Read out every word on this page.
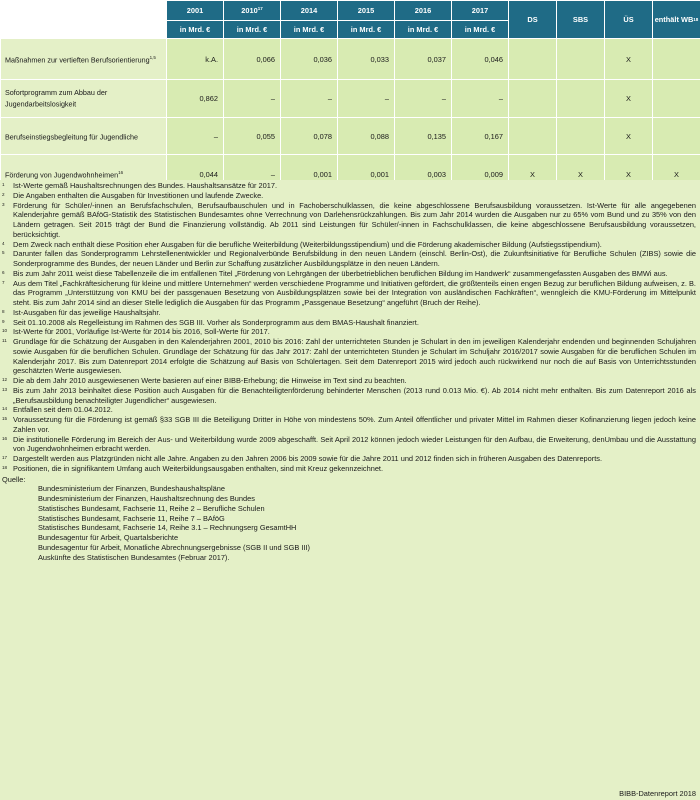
	2001	2010$^{17}$	2014	2015	2016	2017	DS	SBS	ÜS	enthält WB$^{18}$
	in Mrd. €	in Mrd. €	in Mrd. €	in Mrd. €	in Mrd. €	in Mrd. €				
Maßnahmen zur vertieften Berufsorientierung$^{1,5}$	k.A.	0,066	0,036	0,033	0,037	0,046			X	
Sofortprogramm zum Abbau der Jugendarbeitslosigkeit	0,862	–	–	–	–	–			X	
Berufseinstiegsbegleitung für Jugendliche	–	0,055	0,078	0,088	0,135	0,167			X	
Förderung von Jugendwohnheimen$^{16}$	0,044	–	0,001	0,001	0,003	0,009	X	X	X	X
1	Ist-Werte gemäß Haushaltsrechnungen des Bundes. Haushaltsansätze für 2017.
2	Die Angaben enthalten die Ausgaben für Investitionen und laufende Zwecke.
3	Förderung für Schüler/-innen an Berufsfachschulen, Berufsaufbauschulen und in Fachoberschulklassen, die keine abgeschlossene Berufsausbildung voraussetzen. Ist-Werte für alle angegebenen Kalenderjahre gemäß BAföG-Statistik des Statistischen Bundesamtes ohne Verrechnung von Darlehensrückzahlungen. Bis zum Jahr 2014 wurden die Ausgaben nur zu 65% vom Bund und zu 35% von den Ländern getragen. Seit 2015 trägt der Bund die Finanzierung vollständig. Ab 2011 sind Leistungen für Schüler/-innen in Fachschulklassen, die keine abgeschlossene Berufsausbildung voraussetzen, berücksichtigt.
4	Dem Zweck nach enthält diese Position eher Ausgaben für die berufliche Weiterbildung (Weiterbildungsstipendium) und die Förderung akademischer Bildung (Aufstiegsstipendium).
5	Darunter fallen das Sonderprogramm Lehrstellenentwickler und Regionalverbünde Berufsbildung in den neuen Ländern (einschl. Berlin-Ost), die Zukunftsinitiative für Berufliche Schulen (ZIBS) sowie die Sonderprogramme des Bundes, der neuen Länder und Berlin zur Schaffung zusätzlicher Ausbildungsplätze in den neuen Ländern.
6	Bis zum Jahr 2011 weist diese Tabellenzeile die im entfallenen Titel „Förderung von Lehrgängen der überbetrieblichen beruflichen Bildung im Handwerk“ zusammengefassten Ausgaben des BMWi aus.
7	Aus dem Titel „Fachkräftesicherung für kleine und mittlere Unternehmen“ werden verschiedene Programme und Initiativen gefördert, die größtenteils einen engen Bezug zur beruflichen Bildung aufweisen, z. B. das Programm „Unterstützung von KMU bei der passgenauen Besetzung von Ausbildungsplätzen sowie bei der Integration von ausländischen Fachkräften“, wenngleich die KMU-Förderung im Mittelpunkt steht. Bis zum Jahr 2014 sind an dieser Stelle lediglich die Ausgaben für das Programm „Passgenaue Besetzung“ angeführt (Bruch der Reihe).
8	Ist-Ausgaben für das jeweilige Haushaltsjahr.
9	Seit 01.10.2008 als Regelleistung im Rahmen des SGB III. Vorher als Sonderprogramm aus dem BMAS-Haushalt finanziert.
10 Ist-Werte für 2001, Vorläufige Ist-Werte für 2014 bis 2016, Soll-Werte für 2017.
11 Grundlage für die Schätzung der Ausgaben in den Kalenderjahren 2001, 2010 bis 2016: Zahl der unterrichteten Stunden je Schulart in den im jeweiligen Kalenderjahr endenden und beginnenden Schuljahren sowie Ausgaben für die beruflichen Schulen. Grundlage der Schätzung für das Jahr 2017: Zahl der unterrichteten Stunden je Schulart im Schuljahr 2016/2017 sowie Ausgaben für die beruflichen Schulen im Kalenderjahr 2017. Bis zum Datenreport 2014 erfolgte die Schätzung auf Basis von Schülertagen. Seit dem Datenreport 2015 wird jedoch auch rückwirkend nur noch die auf Basis von Unterrichtsstunden geschätzten Werte ausgewiesen.
12 Die ab dem Jahr 2010 ausgewiesenen Werte basieren auf einer BIBB-Erhebung; die Hinweise im Text sind zu beachten.
13 Bis zum Jahr 2013 beinhaltet diese Position auch Ausgaben für die Benachteiligtenförderung behinderter Menschen (2013 rund 0.013 Mio. €). Ab 2014 nicht mehr enthalten. Bis zum Datenreport 2016 als „Berufsausbildung benachteiligter Jugendlicher“ ausgewiesen.
14 Entfallen seit dem 01.04.2012.
15 Voraussetzung für die Förderung ist gemäß §33 SGB III die Beteiligung Dritter in Höhe von mindestens 50%. Zum Anteil öffentlicher und privater Mittel im Rahmen dieser Kofinanzierung liegen jedoch keine Zahlen vor.
16 Die institutionelle Förderung im Bereich der Aus- und Weiterbildung wurde 2009 abgeschafft. Seit April 2012 können jedoch wieder Leistungen für den Aufbau, die Erweiterung, denUmbau und die Ausstattung von Jugendwohnheimen erbracht werden.
17 Dargestellt werden aus Platzgründen nicht alle Jahre. Angaben zu den Jahren 2006 bis 2009 sowie für die Jahre 2011 und 2012 finden sich in früheren Ausgaben des Datenreports.
18 Positionen, die in signifikantem Umfang auch Weiterbildungsausgaben enthalten, sind mit Kreuz gekennzeichnet.
Quelle:
Bundesministerium der Finanzen, Bundeshaushaltspläne
Bundesministerium der Finanzen, Haushaltsrechnung des Bundes
Statistisches Bundesamt, Fachserie 11, Reihe 2 – Berufliche Schulen
Statistisches Bundesamt, Fachserie 11, Reihe 7 – BAföG
Statistisches Bundesamt, Fachserie 14, Reihe 3.1 – Rechnungserg GesamtHH
Bundesagentur für Arbeit, Quartalsberichte
Bundesagentur für Arbeit, Monatliche Abrechnungsergebnisse (SGB II und SGB III)
Auskünfte des Statistischen Bundesamtes (Februar 2017).
BIBB-Datenreport 2018
